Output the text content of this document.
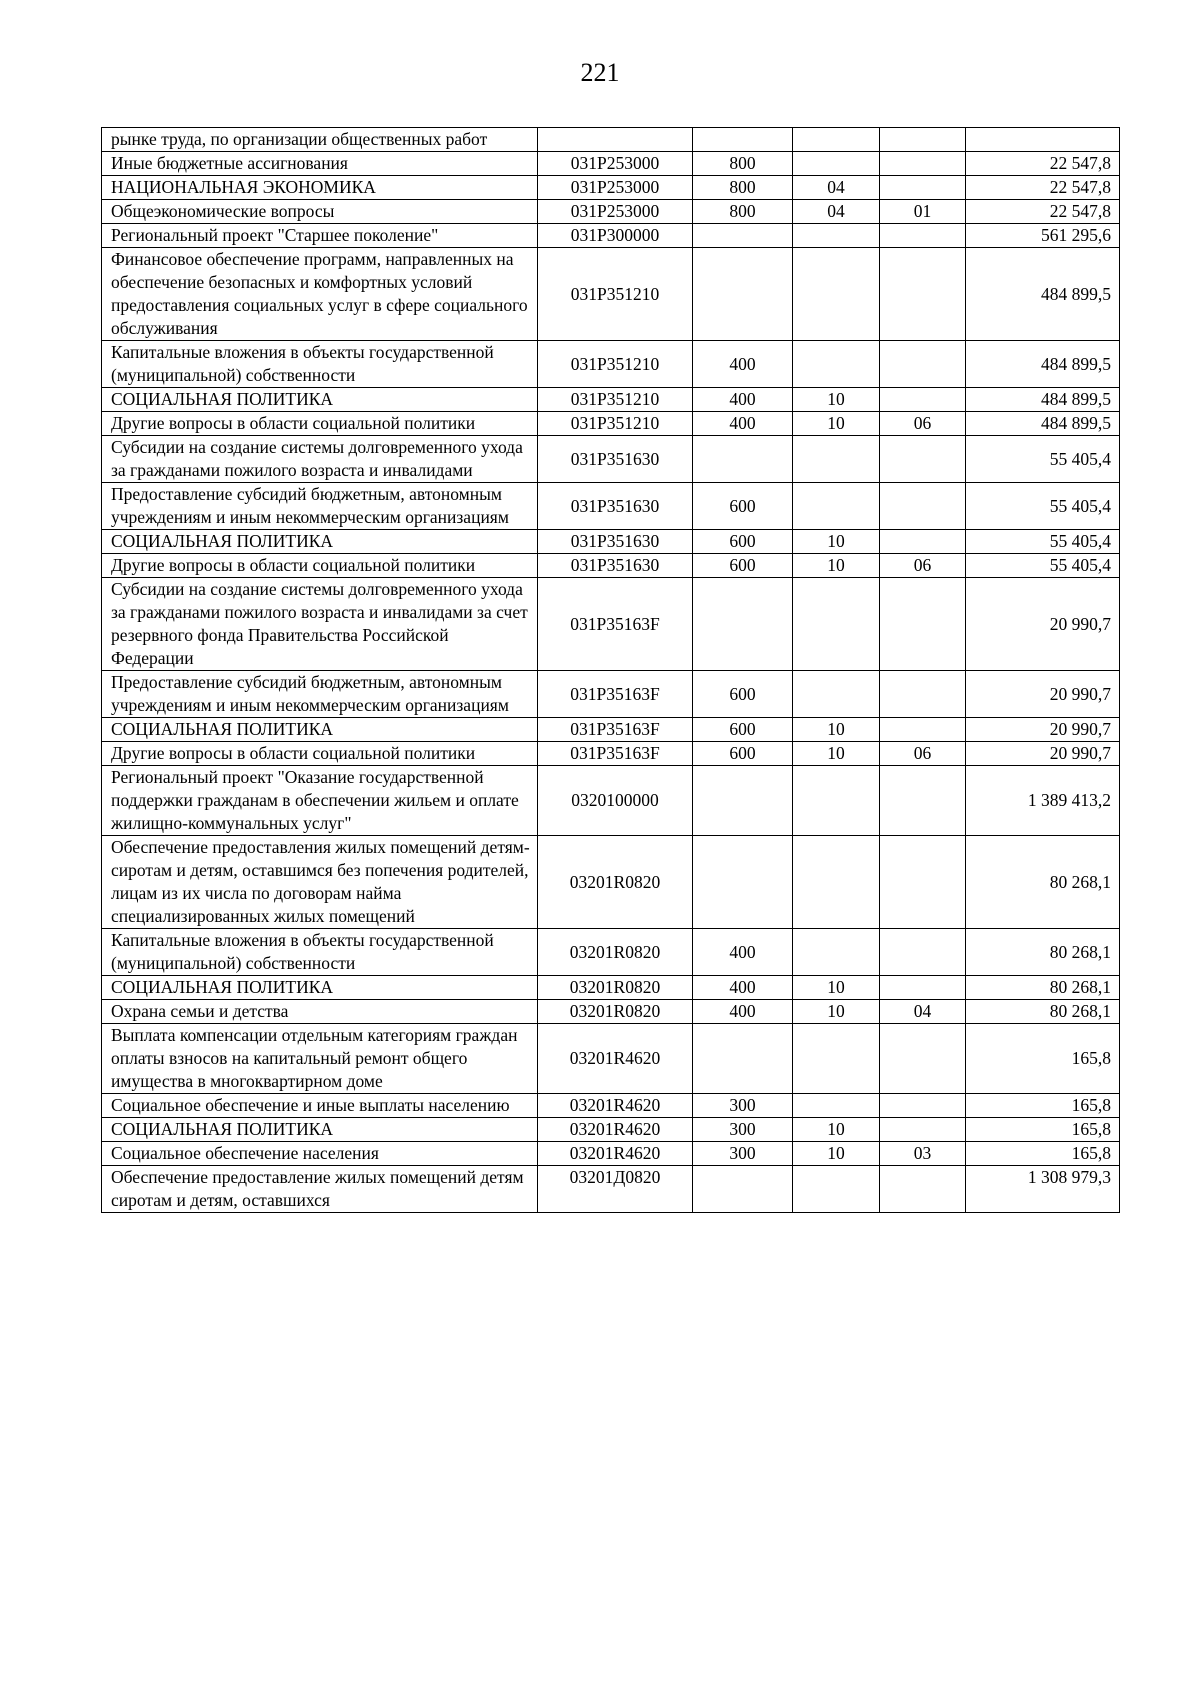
221
рынке труда, по организации общественных работ					
Иные бюджетные ассигнования	031P253000	800			22 547,8
НАЦИОНАЛЬНАЯ ЭКОНОМИКА	031P253000	800	04		22 547,8
Общеэкономические вопросы	031P253000	800	04	01	22 547,8
Региональный проект "Старшее поколение"	031P300000				561 295,6
Финансовое обеспечение программ, направленных на обеспечение безопасных и комфортных условий предоставления социальных услуг в сфере социального обслуживания	031P351210				484 899,5
Капитальные вложения в объекты государственной (муниципальной) собственности	031P351210	400			484 899,5
СОЦИАЛЬНАЯ ПОЛИТИКА	031P351210	400	10		484 899,5
Другие вопросы в области социальной политики	031P351210	400	10	06	484 899,5
Субсидии на создание системы долговременного ухода за гражданами пожилого возраста и инвалидами	031P351630				55 405,4
Предоставление субсидий бюджетным, автономным учреждениям и иным некоммерческим организациям	031P351630	600			55 405,4
СОЦИАЛЬНАЯ ПОЛИТИКА	031P351630	600	10		55 405,4
Другие вопросы в области социальной политики	031P351630	600	10	06	55 405,4
Субсидии на создание системы долговременного ухода за гражданами пожилого возраста и инвалидами за счет резервного фонда Правительства Российской Федерации	031P35163F				20 990,7
Предоставление субсидий бюджетным, автономным учреждениям и иным некоммерческим организациям	031P35163F	600			20 990,7
СОЦИАЛЬНАЯ ПОЛИТИКА	031P35163F	600	10		20 990,7
Другие вопросы в области социальной политики	031P35163F	600	10	06	20 990,7
Региональный проект "Оказание государственной поддержки гражданам в обеспечении жильем и оплате жилищно-коммунальных услуг"	0320100000				1 389 413,2
Обеспечение предоставления жилых помещений детям-сиротам и детям, оставшимся без попечения родителей, лицам из их числа по договорам найма специализированных жилых помещений	03201R0820				80 268,1
Капитальные вложения в объекты государственной (муниципальной) собственности	03201R0820	400			80 268,1
СОЦИАЛЬНАЯ ПОЛИТИКА	03201R0820	400	10		80 268,1
Охрана семьи и детства	03201R0820	400	10	04	80 268,1
Выплата компенсации отдельным категориям граждан оплаты взносов на капитальный ремонт общего имущества в многоквартирном доме	03201R4620				165,8
Социальное обеспечение и иные выплаты населению	03201R4620	300			165,8
СОЦИАЛЬНАЯ ПОЛИТИКА	03201R4620	300	10		165,8
Социальное обеспечение населения	03201R4620	300	10	03	165,8
Обеспечение предоставление жилых помещений детям сиротам и детям, оставшихся	03201Д0820				1 308 979,3
